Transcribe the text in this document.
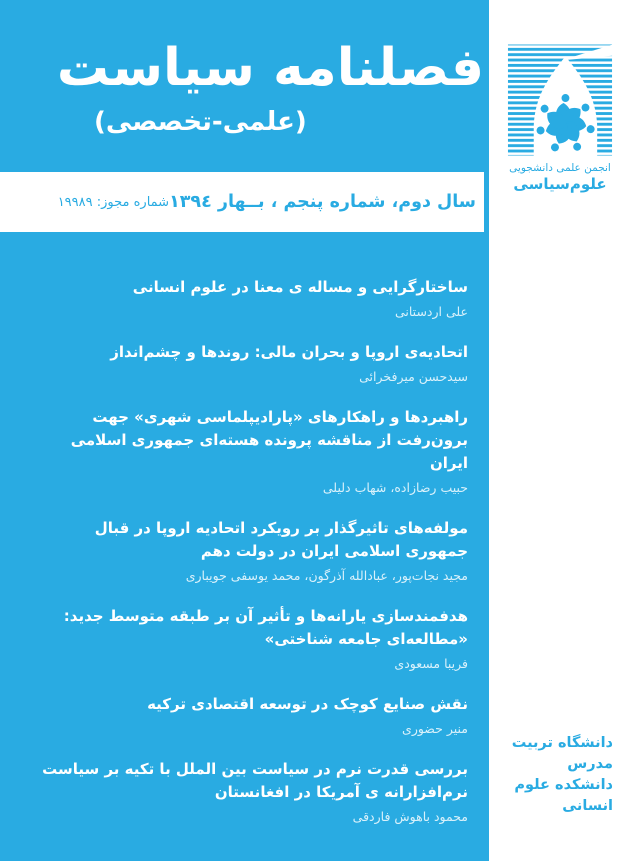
فصلنامه سیاست
(علمی-تخصصی)
سال دوم، شماره پنجم ، بــهار ١٣٩٤
شماره مجوز: ١٩٩٨٩
ساختارگرایی و مساله ی معنا در علوم انسانی
علی اردستانی
اتحادیه‌ی اروپا و بحران مالی: روندها و چشم‌انداز
سیدحسن میرفخرائی
راهبردها و راهکارهای «پارادیپلماسی شهری» جهت برون‌رفت از مناقشه پرونده هسته‌ای جمهوری اسلامی ایران
حبیب رضازاده، شهاب دلیلی
مولفه‌های تاثیرگذار بر رویکرد اتحادیه اروپا در قبال جمهوری اسلامی ایران در دولت دهم
مجید نجات‌پور، عبادالله آذرگون، محمد یوسفی جویباری
هدفمندسازی یارانه‌ها و تأثیر آن بر طبقه متوسط جدید: «مطالعه‌ای جامعه شناختی»
فریبا مسعودی
نقش صنایع کوچک در توسعه اقتصادی ترکیه
منیر حضوری
بررسی قدرت نرم در سیاست بین الملل با تکیه بر سیاست نرم‌افزارانه ی آمریکا در افغانستان
محمود باهوش فاردقی
انجمن علمی دانشجویی
علوم‌سیاسی
دانشگاه تربیت مدرس
دانشکده علوم انسانی
